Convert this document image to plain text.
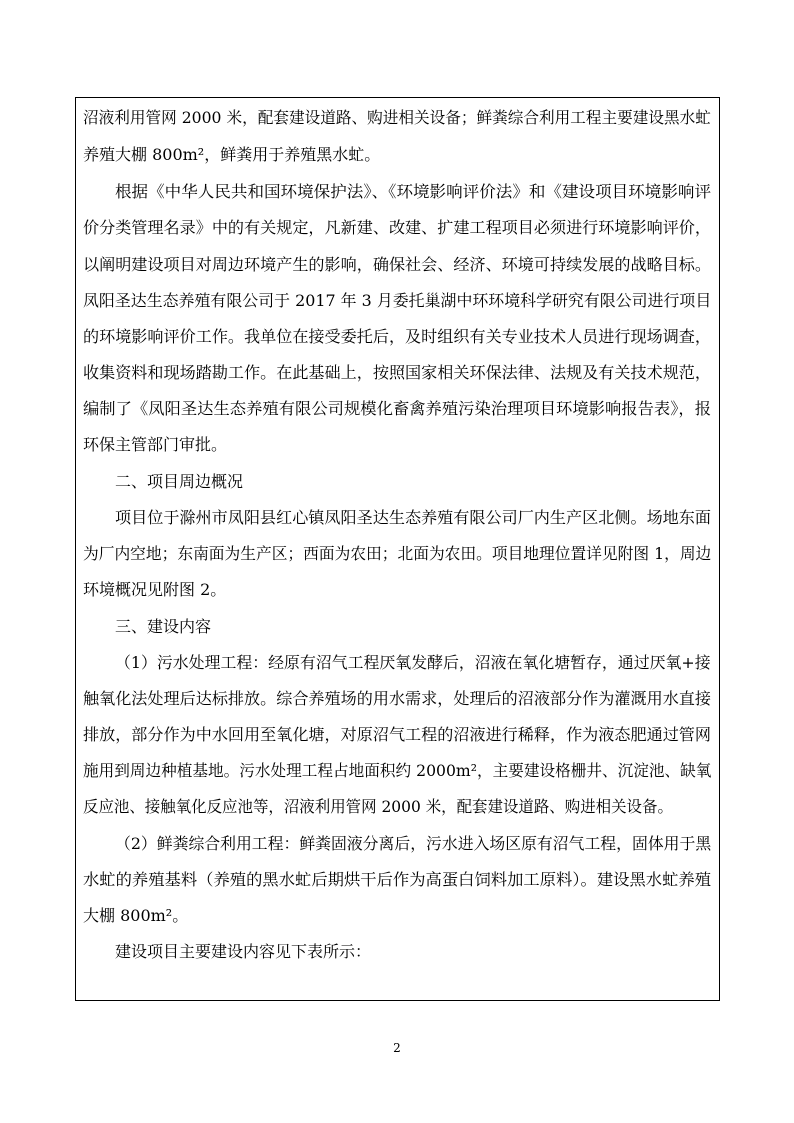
沼液利用管网 2000 米，配套建设道路、购进相关设备；鲜粪综合利用工程主要建设黑水虻
养殖大棚 800m²，鲜粪用于养殖黑水虻。
根据《中华人民共和国环境保护法》、《环境影响评价法》和《建设项目环境影响评
价分类管理名录》中的有关规定，凡新建、改建、扩建工程项目必须进行环境影响评价，
以阐明建设项目对周边环境产生的影响，确保社会、经济、环境可持续发展的战略目标。
凤阳圣达生态养殖有限公司于 2017 年 3 月委托巢湖中环环境科学研究有限公司进行项目
的环境影响评价工作。我单位在接受委托后，及时组织有关专业技术人员进行现场调查，
收集资料和现场踏勘工作。在此基础上，按照国家相关环保法律、法规及有关技术规范，
编制了《凤阳圣达生态养殖有限公司规模化畜禽养殖污染治理项目环境影响报告表》，报
环保主管部门审批。
二、项目周边概况
项目位于滁州市凤阳县红心镇凤阳圣达生态养殖有限公司厂内生产区北侧。场地东面
为厂内空地；东南面为生产区；西面为农田；北面为农田。项目地理位置详见附图 1，周边
环境概况见附图 2。
三、建设内容
（1）污水处理工程：经原有沼气工程厌氧发酵后，沼液在氧化塘暂存，通过厌氧+接
触氧化法处理后达标排放。综合养殖场的用水需求，处理后的沼液部分作为灌溉用水直接
排放，部分作为中水回用至氧化塘，对原沼气工程的沼液进行稀释，作为液态肥通过管网
施用到周边种植基地。污水处理工程占地面积约 2000m²，主要建设格栅井、沉淀池、缺氧
反应池、接触氧化反应池等，沼液利用管网 2000 米，配套建设道路、购进相关设备。
（2）鲜粪综合利用工程：鲜粪固液分离后，污水进入场区原有沼气工程，固体用于黑
水虻的养殖基料（养殖的黑水虻后期烘干后作为高蛋白饲料加工原料）。建设黑水虻养殖
大棚 800m²。
建设项目主要建设内容见下表所示：
2
